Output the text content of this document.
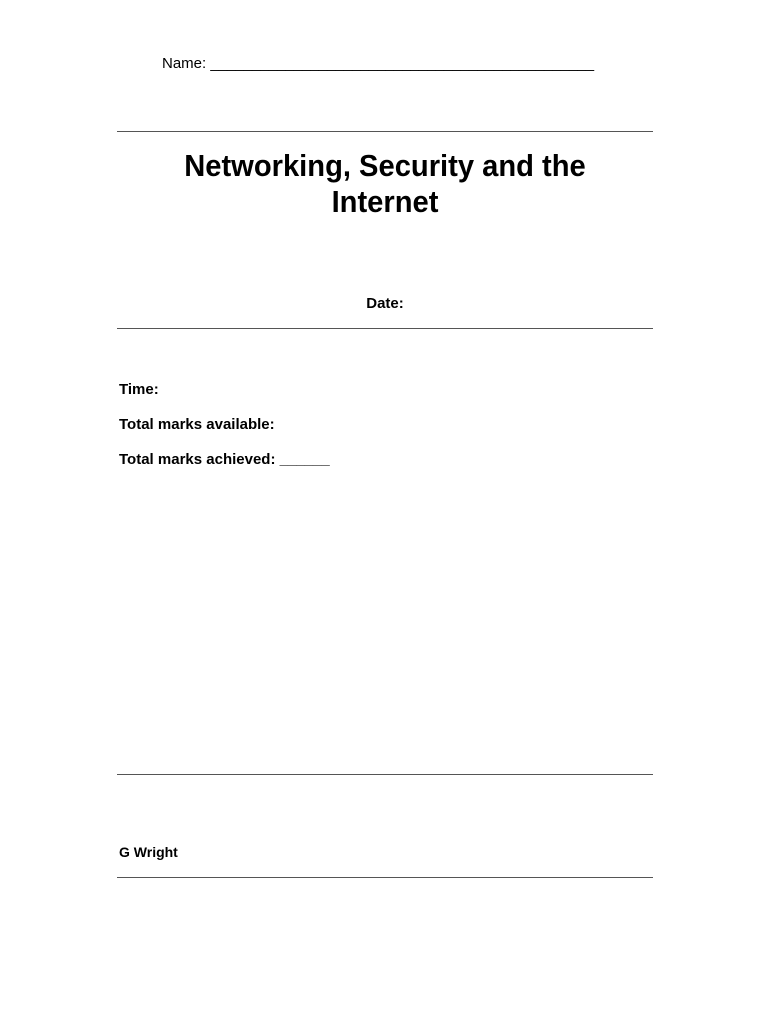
Name: ______________________________________________
Networking, Security and the
Internet
Date:
Time:
Total marks available:
Total marks achieved: ______
G Wright
